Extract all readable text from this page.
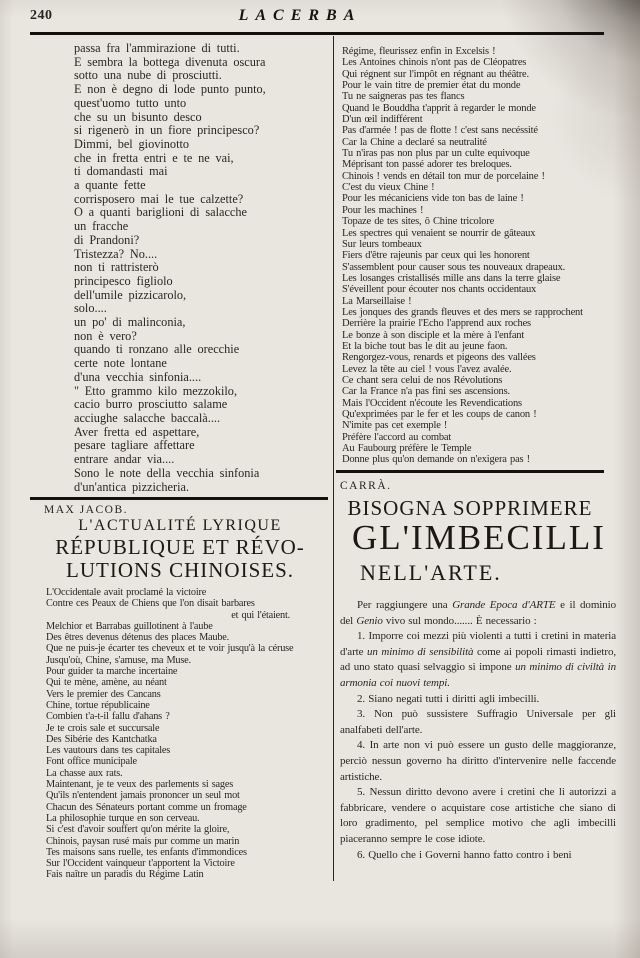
240	LACERBA
passa fra l'ammirazione di tutti.
E sembra la bottega divenuta oscura
sotto una nube di prosciutti.
E non è degno di lode punto punto,
quest'uomo tutto unto
che su un bisunto desco
si rigenerò in un fiore principesco?
Dimmi, bel giovinotto
che in fretta entri e te ne vai,
ti domandasti mai
a quante fette
corrisposero mai le tue calzette?
O a quanti bariglioni di salacche
un fracche
di Prandoni?
Tristezza? No....
non ti rattristerò
principesco figliolo
dell'umile pizzicarolo,
solo....
un po' di malinconia,
non è vero?
quando ti ronzano alle orecchie
certe note lontane
d'una vecchia sinfonia....
" Etto grammo kilo mezzokilo,
cacio burro prosciutto salame
acciughe salacche baccalà....
Aver fretta ed aspettare,
pesare tagliare affettare
entrare andar via....
Sono le note della vecchia sinfonia
d'un'antica pizzicheria.
MAX JACOB.
L'ACTUALITÉ LYRIQUE
RÉPUBLIQUE ET RÉVO-
LUTIONS CHINOISES.
L'Occidentale avait proclamé la victoire
Contre ces Peaux de Chiens que l'on disait barbares
et qui l'étaient.
Melchior et Barrabas guillotinent à l'aube
Des êtres devenus détenus des places Maube.
Que ne puis-je écarter tes cheveux et te voir jusqu'à la céruse
Jusqu'où, Chine, s'amuse, ma Muse.
Pour guider ta marche incertaine
Qui te mène, amène, au néant
Vers le premier des Cancans
Chine, tortue républicaine
Combien t'a-t-il fallu d'ahans ?
Je te crois sale et succursale
Des Sibérie des Kantchatka
Les vautours dans tes capitales
Font office municipale
La chasse aux rats.
Maintenant, je te veux des parlements si sages
Qu'ils n'entendent jamais prononcer un seul mot
Chacun des Sénateurs portant comme un fromage
La philosophie turque en son cerveau.
Si c'est d'avoir souffert qu'on mérite la gloire,
Chinois, paysan rusé mais pur comme un marin
Tes maisons sans ruelle, tes enfants d'immondices
Sur l'Occident vainqueur t'apportent la Victoire
Fais naître un paradis du Régime Latin
Régime, fleurissez enfin in Excelsis !
Les Antoines chinois n'ont pas de Cléopatres
Qui régnent sur l'impôt en régnant au théâtre.
Pour le vain titre de premier état du monde
Tu ne saigneras pas tes flancs
Quand le Bouddha t'apprit à regarder le monde
D'un œil indifférent
Pas d'armée ! pas de flotte ! c'est sans necéssité
Car la Chine a declaré sa neutralité
Tu n'iras pas non plus par un culte equivoque
Méprisant ton passé adorer tes breloques.
Chinois ! vends en détail ton mur de porcelaine !
C'est du vieux Chine !
Pour les mécaniciens vide ton bas de laine !
Pour les machines !
Topaze de tes sites, ô Chine tricolore
Les spectres qui venaient se nourrir de gâteaux
Sur leurs tombeaux
Fiers d'être rajeunis par ceux qui les honorent
S'assemblent pour causer sous tes nouveaux drapeaux.
Les losanges cristallisés mille ans dans la terre glaise
S'éveillent pour écouter nos chants occidentaux
La Marseillaise !
Les jonques des grands fleuves et des mers se rapprochent
Derrière la prairie l'Echo l'apprend aux roches
Le bonze à son disciple et la mère à l'enfant
Et la biche tout bas le dit au jeune faon.
Rengorgez-vous, renards et pigeons des vallées
Levez la tête au ciel ! vous l'avez avalée.
Ce chant sera celui de nos Révolutions
Car la France n'a pas fini ses ascensions.
Mais l'Occident n'écoute les Revendications
Qu'exprimées par le fer et les coups de canon !
N'imite pas cet exemple !
Préfère l'accord au combat
Au Faubourg préfère le Temple
Donne plus qu'on demande on n'exigera pas !
CARRÀ.
BISOGNA SOPPRIMERE
GL'IMBECILLI
NELL'ARTE.

Per raggiungere una Grande Epoca d'ARTE e il dominio del Genio vivo sul mondo....... È necessario :

1. Imporre coi mezzi più violenti a tutti i cretini in materia d'arte un minimo di sensibilità come ai popoli rimasti indietro, ad uno stato quasi selvaggio si impone un minimo di civiltà in armonia coi nuovi tempi.

2. Siano negati tutti i diritti agli imbecilli.

3. Non può sussistere Suffragio Universale per gli analfabeti dell'arte.

4. In arte non vi può essere un gusto delle maggioranze, perciò nessun governo ha diritto d'intervenire nelle faccende artistiche.

5. Nessun diritto devono avere i cretini che li autorizzi a fabbricare, vendere o acquistare cose artistiche che siano di loro gradimento, pel semplice motivo che agli imbecilli piaceranno sempre le cose idiote.

6. Quello che i Governi hanno fatto contro i beni
